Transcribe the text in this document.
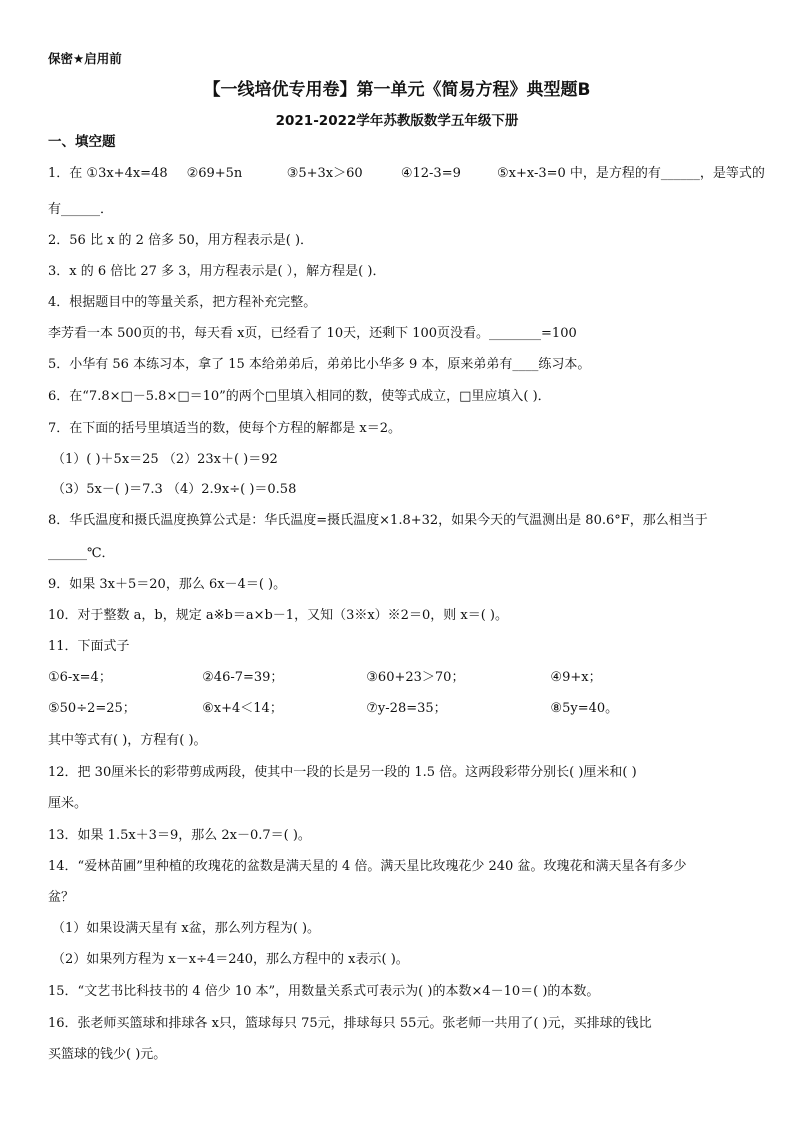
保密★启用前
【一线培优专用卷】第一单元《简易方程》典型题B
2021-2022学年苏教版数学五年级下册
一、填空题
1．在 ①3x+4x=48 ②69+5n	③5+3x＞60	④12-3=9	⑤x+x-3=0 中，是方程的有______，是等式的
有______．
2．56 比 x 的 2 倍多 50，用方程表示是( )．
3．x 的 6 倍比 27 多 3，用方程表示是( ），解方程是( )．
4．根据题目中的等量关系，把方程补充完整。
李芳看一本 500页的书，每天看 x页，已经看了 10天，还剩下 100页没看。________=100
5．小华有 56 本练习本，拿了 15 本给弟弟后，弟弟比小华多 9 本，原来弟弟有____练习本。
6．在“7.8×□－5.8×□＝10”的两个□里填入相同的数，使等式成立，□里应填入( )．
7．在下面的括号里填适当的数，使每个方程的解都是 x＝2。
（1）( )＋5x＝25 （2）23x＋( )＝92
（3）5x－( )＝7.3 （4）2.9x÷( )＝0.58
8．华氏温度和摄氏温度换算公式是：华氏温度=摄氏温度×1.8+32，如果今天的气温测出是 80.6°F，那么相当于
______℃．
9．如果 3x＋5＝20，那么 6x－4＝( )。
10．对于整数 a，b，规定 a※b＝a×b－1，又知（3※x）※2＝0，则 x＝( )。
11．下面式子
①6-x=4；	②46-7=39；	③60+23＞70；	④9+x；
⑤50÷2=25；	⑥x+4＜14；	⑦y-28=35；	⑧5y=40。
其中等式有( )，方程有( )。
12．把 30厘米长的彩带剪成两段，使其中一段的长是另一段的 1.5 倍。这两段彩带分别长( )厘米和( )
厘米。
13．如果 1.5x＋3＝9，那么 2x－0.7＝( )。
14．“爱林苗圃”里种植的玫瑰花的盆数是满天星的 4 倍。满天星比玫瑰花少 240 盆。玫瑰花和满天星各有多少
盆？
（1）如果设满天星有 x盆，那么列方程为( )。
（2）如果列方程为 x－x÷4＝240，那么方程中的 x表示( )。
15．“文艺书比科技书的 4 倍少 10 本”，用数量关系式可表示为( )的本数×4－10＝( )的本数。
16．张老师买篮球和排球各 x只，篮球每只 75元，排球每只 55元。张老师一共用了( )元，买排球的钱比
买篮球的钱少( )元。
